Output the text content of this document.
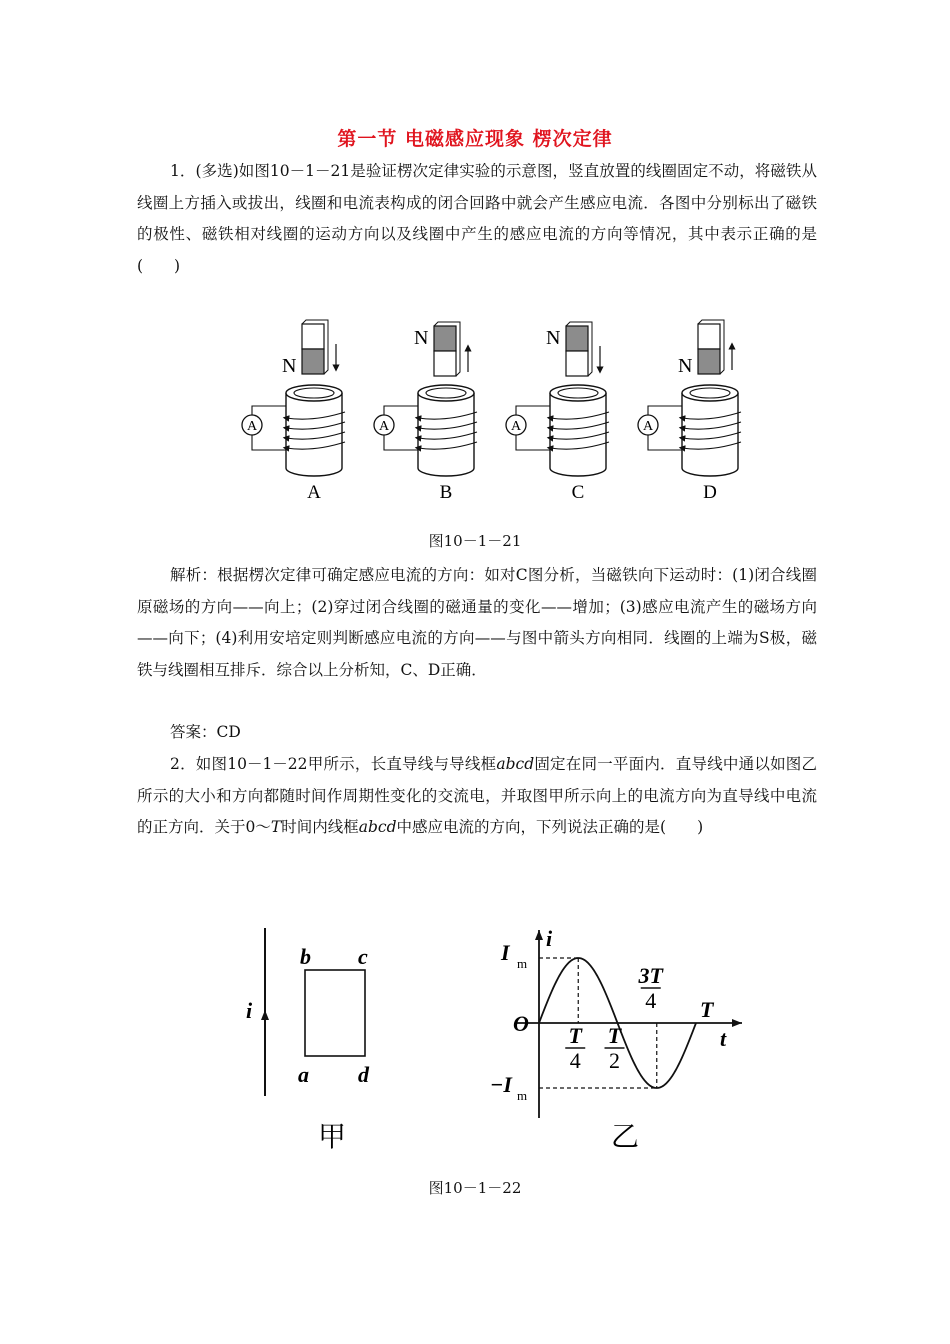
第一节 电磁感应现象 楞次定律
1．(多选)如图10－1－21是验证楞次定律实验的示意图，竖直放置的线圈固定不动，将磁铁从线圈上方插入或拔出，线圈和电流表构成的闭合回路中就会产生感应电流．各图中分别标出了磁铁的极性、磁铁相对线圈的运动方向以及线圈中产生的感应电流的方向等情况，其中表示正确的是(　　)
A
N
A
A
N
B
A
N
C
A
N
D
图10－1－21
解析：根据楞次定律可确定感应电流的方向：如对C图分析，当磁铁向下运动时：(1)闭合线圈原磁场的方向——向上；(2)穿过闭合线圈的磁通量的变化——增加；(3)感应电流产生的磁场方向——向下；(4)利用安培定则判断感应电流的方向——与图中箭头方向相同．线圈的上端为S极，磁铁与线圈相互排斥．综合以上分析知，C、D正确．
答案：CD
2．如图10－1－22甲所示，长直导线与导线框abcd固定在同一平面内．直导线中通以如图乙所示的大小和方向都随时间作周期性变化的交流电，并取图甲所示向上的电流方向为直导线中电流的正方向．关于0～T时间内线框abcd中感应电流的方向，下列说法正确的是(　　)
i
b c
a d
甲
i
t
O
I m
−I m
T
4
T
2
3T
4 T
乙
图10－1－22
